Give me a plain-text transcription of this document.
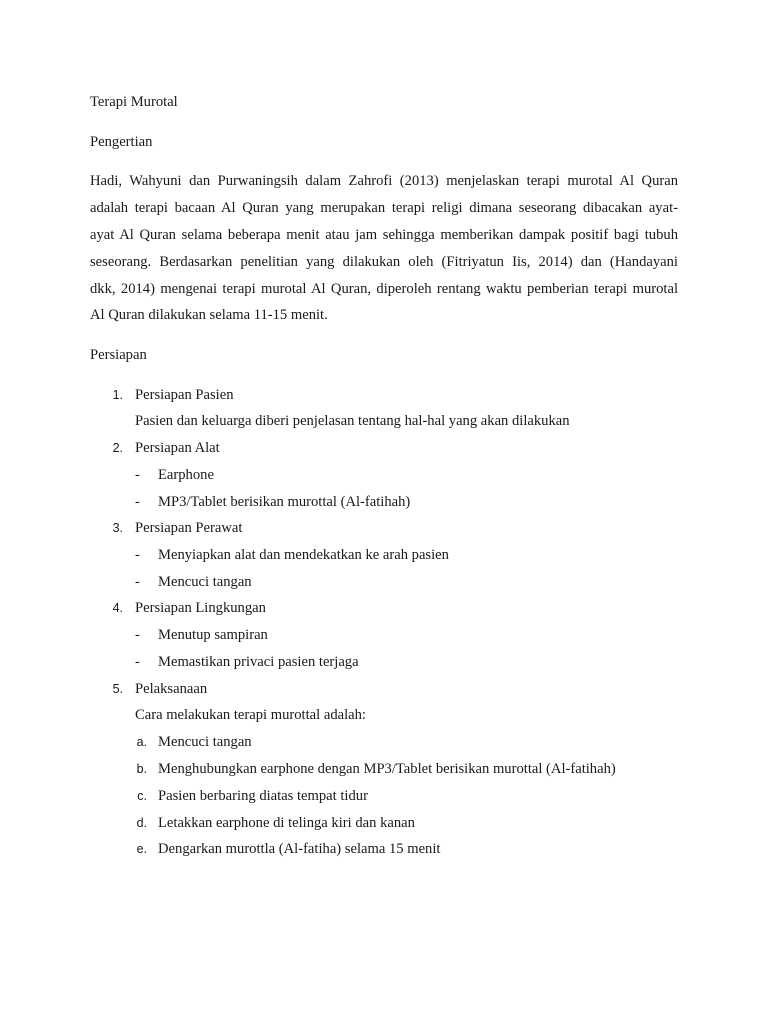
Terapi Murotal
Pengertian
Hadi, Wahyuni dan Purwaningsih dalam Zahrofi (2013) menjelaskan terapi murotal Al Quran
adalah terapi bacaan Al Quran yang merupakan terapi religi dimana seseorang dibacakan ayat-
ayat Al Quran selama beberapa menit atau jam sehingga memberikan dampak positif bagi tubuh
seseorang. Berdasarkan penelitian yang dilakukan oleh (Fitriyatun Iis, 2014) dan (Handayani
dkk, 2014) mengenai terapi murotal Al Quran, diperoleh rentang waktu pemberian terapi murotal
Al Quran dilakukan selama 11-15 menit.
Persiapan
1. Persiapan Pasien
Pasien dan keluarga diberi penjelasan tentang hal-hal yang akan dilakukan
2. Persiapan Alat
- Earphone
- MP3/Tablet berisikan murottal (Al-fatihah)
3. Persiapan Perawat
- Menyiapkan alat dan mendekatkan ke arah pasien
- Mencuci tangan
4. Persiapan Lingkungan
- Menutup sampiran
- Memastikan privaci pasien terjaga
5. Pelaksanaan
Cara melakukan terapi murottal adalah:
a. Mencuci tangan
b. Menghubungkan earphone dengan MP3/Tablet berisikan murottal (Al-fatihah)
c. Pasien berbaring diatas tempat tidur
d. Letakkan earphone di telinga kiri dan kanan
e. Dengarkan murottla (Al-fatiha) selama 15 menit
